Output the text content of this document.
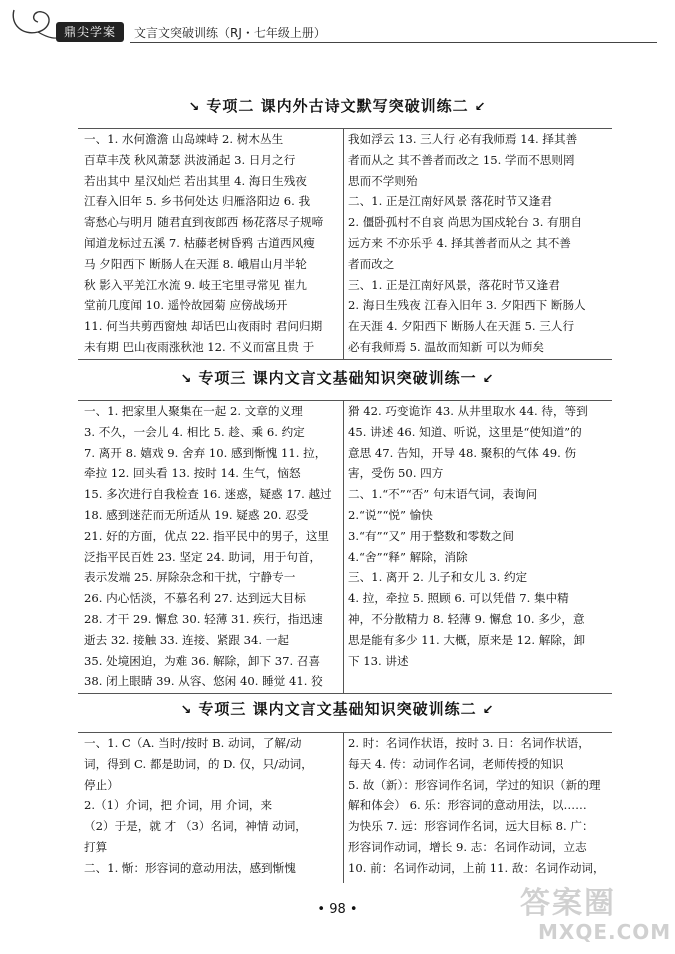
鼎尖学案	文言文突破训练（RJ・七年级上册）
↘ 专项二 课内外古诗文默写突破训练二 ↙

一、1. 水何澹澹 山岛竦峙 2. 树木丛生

百草丰茂 秋风萧瑟 洪波涌起 3. 日月之行

若出其中 星汉灿烂 若出其里 4. 海日生残夜

江春入旧年 5. 乡书何处达 归雁洛阳边 6. 我

寄愁心与明月 随君直到夜郎西 杨花落尽子规啼

闻道龙标过五溪 7. 枯藤老树昏鸦 古道西风瘦

马 夕阳西下 断肠人在天涯 8. 峨眉山月半轮

秋 影入平羌江水流 9. 岐王宅里寻常见 崔九

堂前几度闻 10. 遥怜故园菊 应傍战场开

11. 何当共剪西窗烛 却话巴山夜雨时 君问归期

未有期 巴山夜雨涨秋池 12. 不义而富且贵 于

我如浮云 13. 三人行 必有我师焉 14. 择其善

者而从之 其不善者而改之 15. 学而不思则罔

思而不学则殆

二、1. 正是江南好风景 落花时节又逢君

2. 僵卧孤村不自哀 尚思为国戍轮台 3. 有朋自

远方来 不亦乐乎 4. 择其善者而从之 其不善

者而改之

三、1. 正是江南好风景，落花时节又逢君

2. 海日生残夜 江春入旧年 3. 夕阳西下 断肠人

在天涯 4. 夕阳西下 断肠人在天涯 5. 三人行

必有我师焉 5. 温故而知新 可以为师矣

↘ 专项三 课内文言文基础知识突破训练一 ↙

一、1. 把家里人聚集在一起 2. 文章的义理

3. 不久，一会儿 4. 相比 5. 趁、乘 6. 约定

7. 离开 8. 嬉戏 9. 舍弃 10. 感到惭愧 11. 拉，

牵拉 12. 回头看 13. 按时 14. 生气，恼怒

15. 多次进行自我检查 16. 迷惑，疑惑 17. 越过

18. 感到迷茫而无所适从 19. 疑惑 20. 忍受

21. 好的方面，优点 22. 指平民中的男子，这里

泛指平民百姓 23. 坚定 24. 助词，用于句首，

表示发端 25. 屏除杂念和干扰，宁静专一

26. 内心恬淡，不慕名利 27. 达到远大目标

28. 才干 29. 懈怠 30. 轻薄 31. 疾行，指迅速

逝去 32. 接触 33. 连接、紧跟 34. 一起

35. 处境困迫，为难 36. 解除，卸下 37. 召喜

38. 闭上眼睛 39. 从容、悠闲 40. 睡觉 41. 狡

猾 42. 巧变诡诈 43. 从井里取水 44. 待，等到

45. 讲述 46. 知道、听说，这里是“使知道”的

意思 47. 告知，开导 48. 聚积的气体 49. 伤

害，受伤 50. 四方

二、1.“不”“否” 句末语气词，表询问

2.“说”“悦” 愉快

3.“有”“又” 用于整数和零数之间

4.“舍”“释” 解除，消除

三、1. 离开 2. 儿子和女儿 3. 约定

4. 拉，牵拉 5. 照顾 6. 可以凭借 7. 集中精

神，不分散精力 8. 轻薄 9. 懈怠 10. 多少，意

思是能有多少 11. 大概，原来是 12. 解除，卸

下 13. 讲述

↘ 专项三 课内文言文基础知识突破训练二 ↙

一、1. C（A. 当时/按时 B. 动词，了解/动

词，得到 C. 都是助词，的 D. 仅，只/动词，

停止）

2.（1）介词，把 介词，用 介词，来

（2）于是，就 才 （3）名词，神情 动词，

打算

二、1. 惭：形容词的意动用法，感到惭愧

2. 时：名词作状语，按时 3. 日：名词作状语，

每天 4. 传：动词作名词，老师传授的知识

5. 故（新）：形容词作名词，学过的知识（新的理

解和体会） 6. 乐：形容词的意动用法，以……

为快乐 7. 远：形容词作名词，远大目标 8. 广：

形容词作动词，增长 9. 志：名词作动词，立志

10. 前：名词作动词，上前 11. 敌：名词作动词，

• 98 •	答案圈
MXQE.COM
